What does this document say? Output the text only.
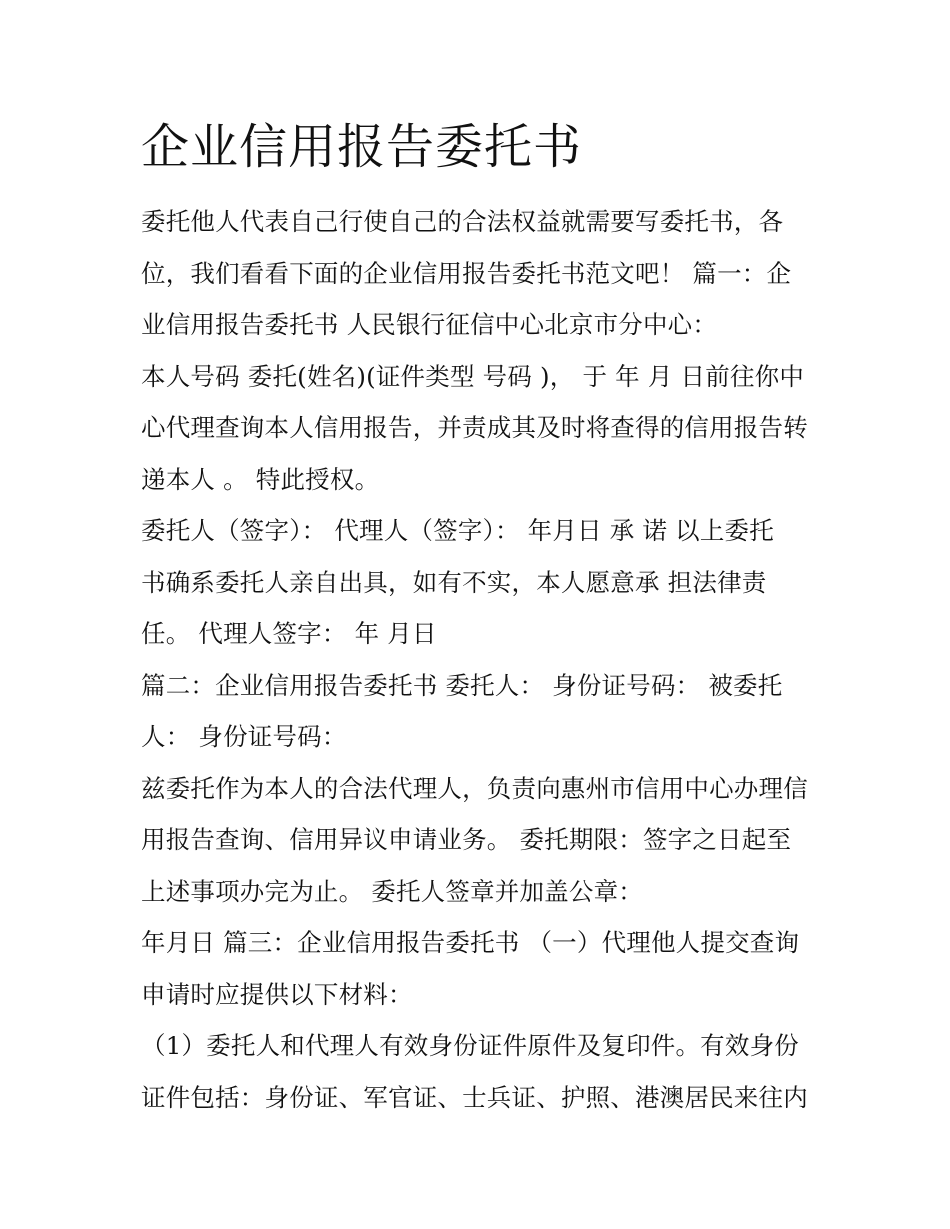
企业信用报告委托书
委托他人代表自己行使自己的合法权益就需要写委托书，各
位，我们看看下面的企业信用报告委托书范文吧！ 篇一：企
业信用报告委托书 人民银行征信中心北京市分中心：
本人号码 委托(姓名)(证件类型 号码 )， 于 年 月 日前往你中
心代理查询本人信用报告，并责成其及时将查得的信用报告转
递本人 。 特此授权。
委托人（签字）： 代理人（签字）： 年月日 承 诺 以上委托
书确系委托人亲自出具，如有不实，本人愿意承 担法律责
任。 代理人签字： 年 月日
篇二：企业信用报告委托书 委托人： 身份证号码： 被委托
人： 身份证号码：
兹委托作为本人的合法代理人，负责向惠州市信用中心办理信
用报告查询、信用异议申请业务。 委托期限：签字之日起至
上述事项办完为止。 委托人签章并加盖公章：
年月日 篇三：企业信用报告委托书 （一）代理他人提交查询
申请时应提供以下材料：
（1）委托人和代理人有效身份证件原件及复印件。有效身份
证件包括：身份证、军官证、士兵证、护照、港澳居民来往内
